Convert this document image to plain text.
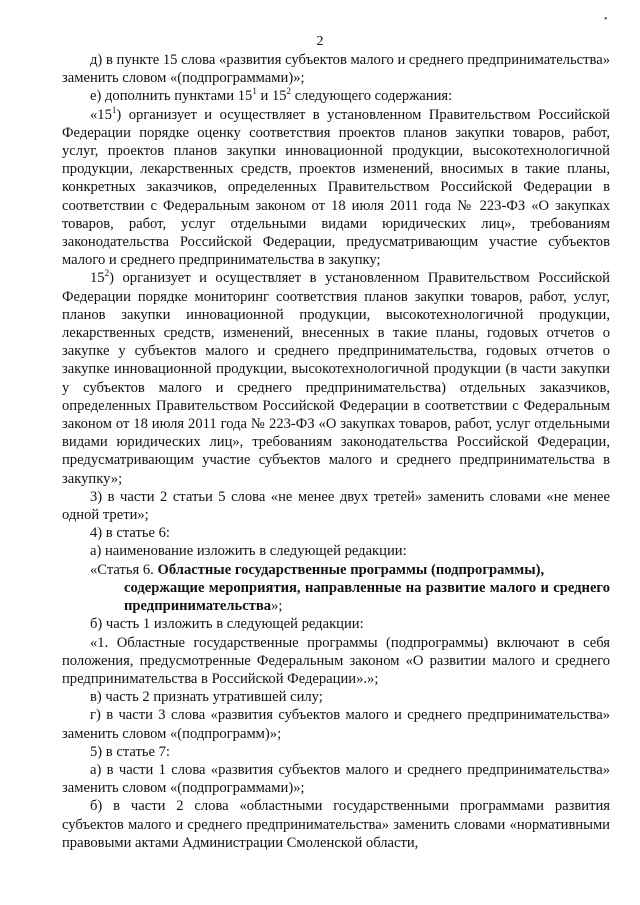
•
2

д) в пункте 15 слова «развития субъектов малого и среднего предпринимательства» заменить словом «(подпрограммами)»;

е) дополнить пунктами $15^1$ и $15^2$ следующего содержания:

«$15^1$) организует и осуществляет в установленном Правительством Российской Федерации порядке оценку соответствия проектов планов закупки товаров, работ, услуг, проектов планов закупки инновационной продукции, высокотехнологичной продукции, лекарственных средств, проектов изменений, вносимых в такие планы, конкретных заказчиков, определенных Правительством Российской Федерации в соответствии с Федеральным законом от 18 июля 2011 года № 223-ФЗ «О закупках товаров, работ, услуг отдельными видами юридических лиц», требованиям законодательства Российской Федерации, предусматривающим участие субъектов малого и среднего предпринимательства в закупку;

$15^2$) организует и осуществляет в установленном Правительством Российской Федерации порядке мониторинг соответствия планов закупки товаров, работ, услуг, планов закупки инновационной продукции, высокотехнологичной продукции, лекарственных средств, изменений, внесенных в такие планы, годовых отчетов о закупке у субъектов малого и среднего предпринимательства, годовых отчетов о закупке инновационной продукции, высокотехнологичной продукции (в части закупки у субъектов малого и среднего предпринимательства) отдельных заказчиков, определенных Правительством Российской Федерации в соответствии с Федеральным законом от 18 июля 2011 года № 223-ФЗ «О закупках товаров, работ, услуг отдельными видами юридических лиц», требованиям законодательства Российской Федерации, предусматривающим участие субъектов малого и среднего предпринимательства в закупку»;

3) в части 2 статьи 5 слова «не менее двух третей» заменить словами «не менее одной трети»;

4) в статье 6:

а) наименование изложить в следующей редакции:

«Статья 6. Областные государственные программы (подпрограммы),
содержащие мероприятия, направленные на развитие малого и среднего предпринимательства»;

б) часть 1 изложить в следующей редакции:

«1. Областные государственные программы (подпрограммы) включают в себя положения, предусмотренные Федеральным законом «О развитии малого и среднего предпринимательства в Российской Федерации».»;

в) часть 2 признать утратившей силу;

г) в части 3 слова «развития субъектов малого и среднего предпринимательства» заменить словом «(подпрограмм)»;

5) в статье 7:

а) в части 1 слова «развития субъектов малого и среднего предпринимательства» заменить словом «(подпрограммами)»;

б) в части 2 слова «областными государственными программами развития субъектов малого и среднего предпринимательства» заменить словами «нормативными правовыми актами Администрации Смоленской области,
